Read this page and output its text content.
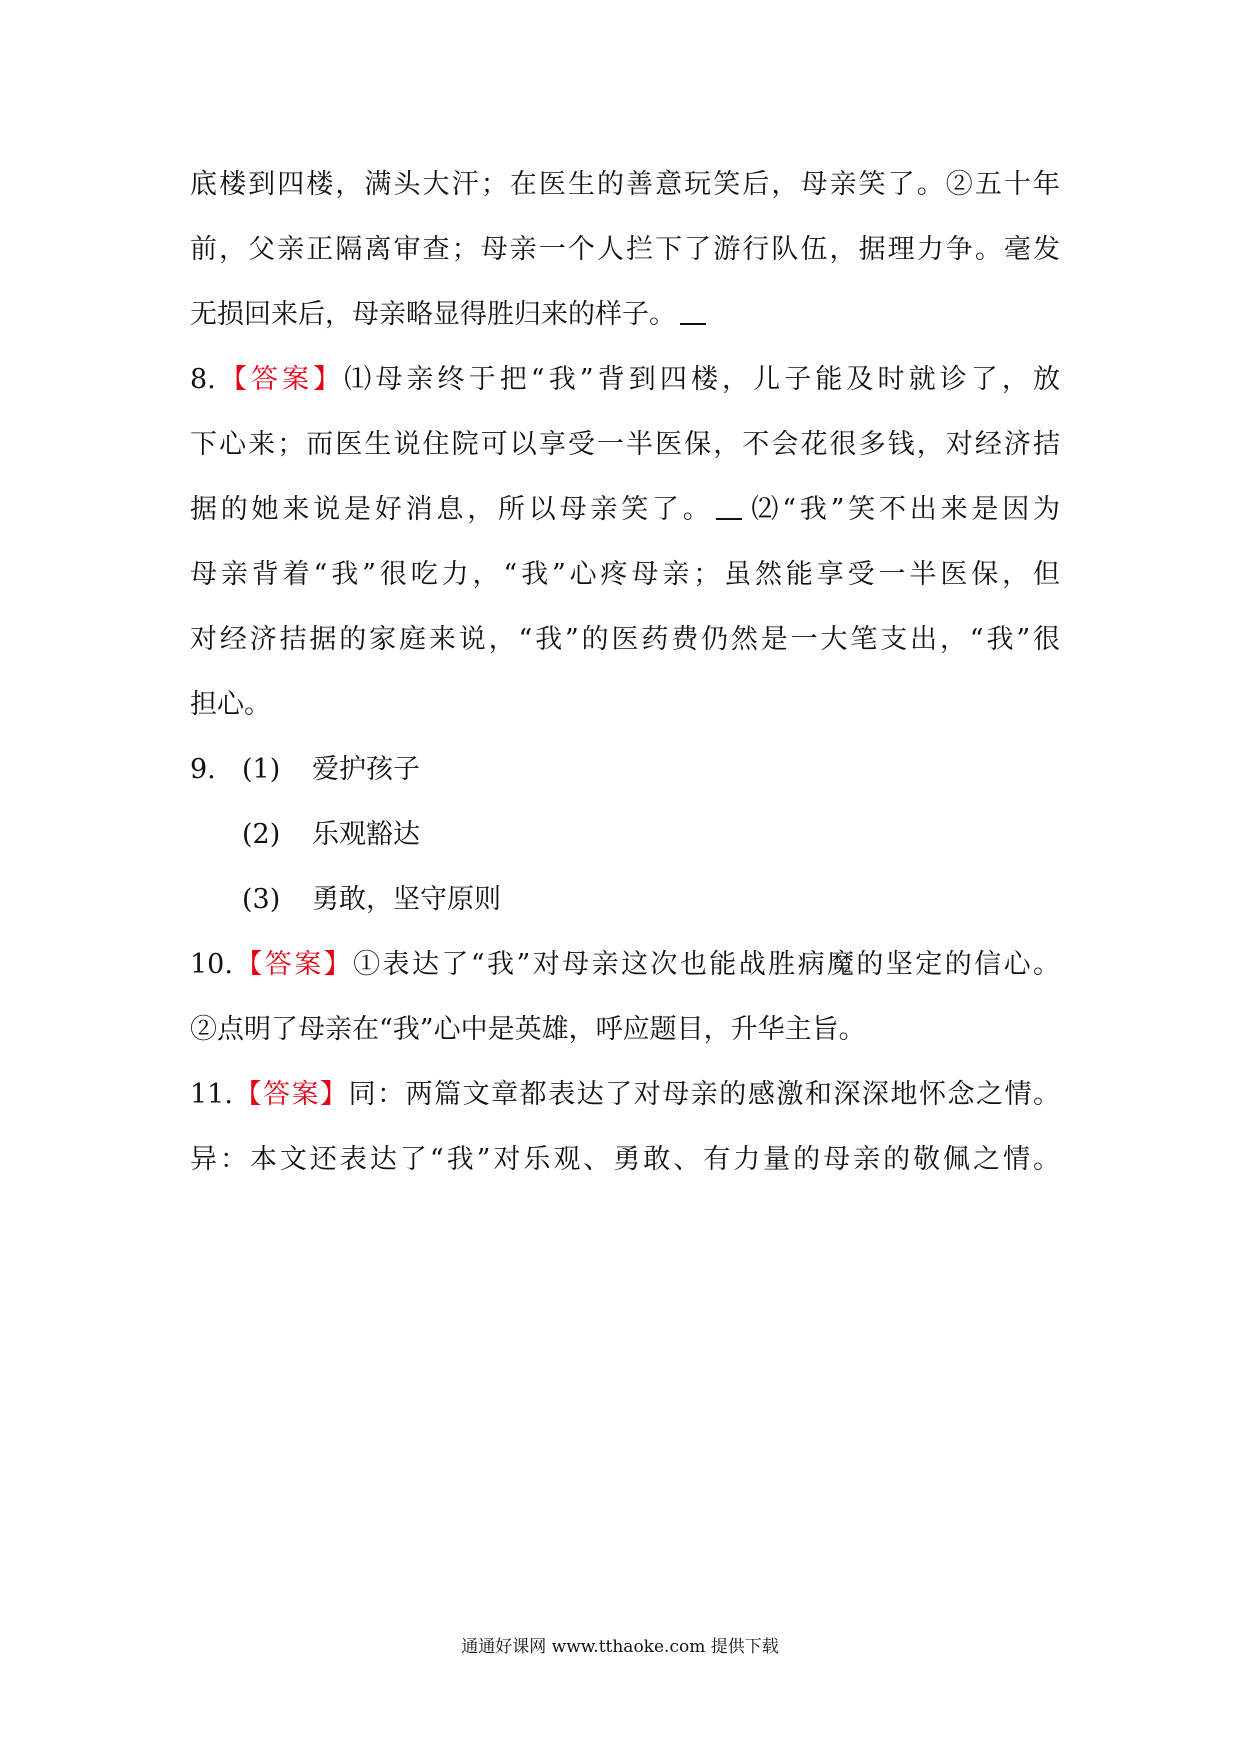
底楼到四楼，满头大汗；在医生的善意玩笑后，母亲笑了。②五十年
前，父亲正隔离审查；母亲一个人拦下了游行队伍，据理力争。毫发
无损回来后，母亲略显得胜归来的样子。
8.【答案】⑴母亲终于把“我”背到四楼，儿子能及时就诊了，放
下心来；而医生说住院可以享受一半医保，不会花很多钱，对经济拮
据的她来说是好消息，所以母亲笑了。 ⑵“我”笑不出来是因为
母亲背着“我”很吃力，“我”心疼母亲；虽然能享受一半医保，但
对经济拮据的家庭来说，“我”的医药费仍然是一大笔支出，“我”很
担心。
9. (1) 爱护孩子
(2) 乐观豁达
(3) 勇敢，坚守原则
10.【答案】①表达了“我”对母亲这次也能战胜病魔的坚定的信心。
②点明了母亲在“我”心中是英雄，呼应题目，升华主旨。
11.【答案】同：两篇文章都表达了对母亲的感激和深深地怀念之情。
异：本文还表达了“我”对乐观、勇敢、有力量的母亲的敬佩之情。
通通好课网 www.tthaoke.com 提供下载
